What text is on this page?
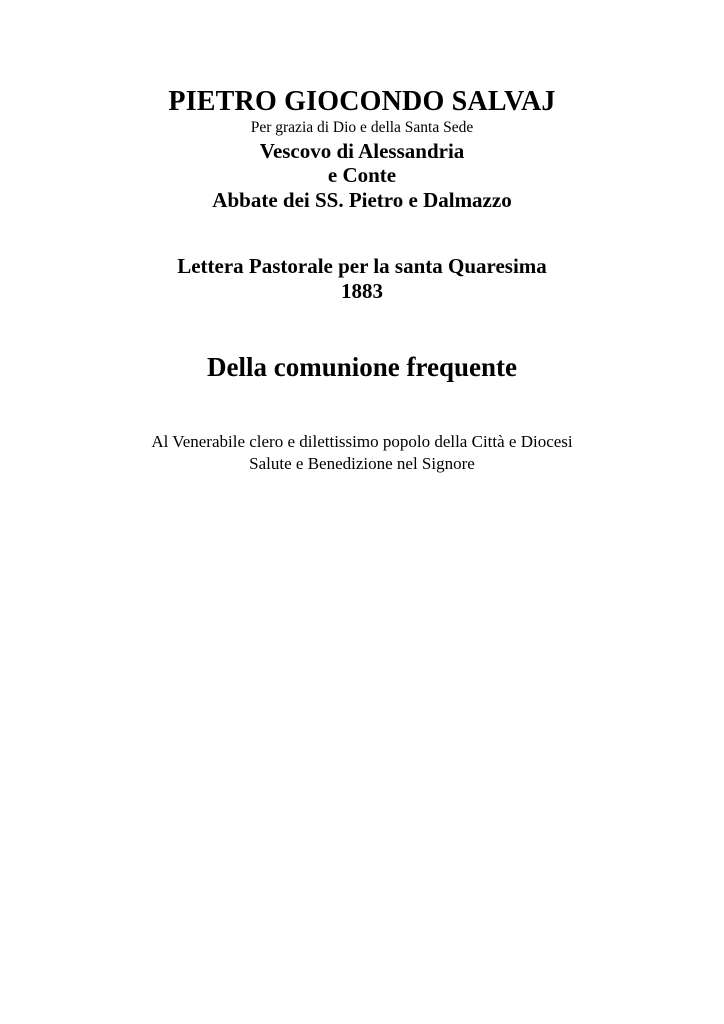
PIETRO GIOCONDO SALVAJ
Per grazia di Dio e della Santa Sede
Vescovo di Alessandria
e Conte
Abbate dei SS. Pietro e Dalmazzo
Lettera Pastorale per la santa Quaresima
1883
Della comunione frequente
Al Venerabile clero e dilettissimo popolo della Città e Diocesi
Salute e Benedizione nel Signore
